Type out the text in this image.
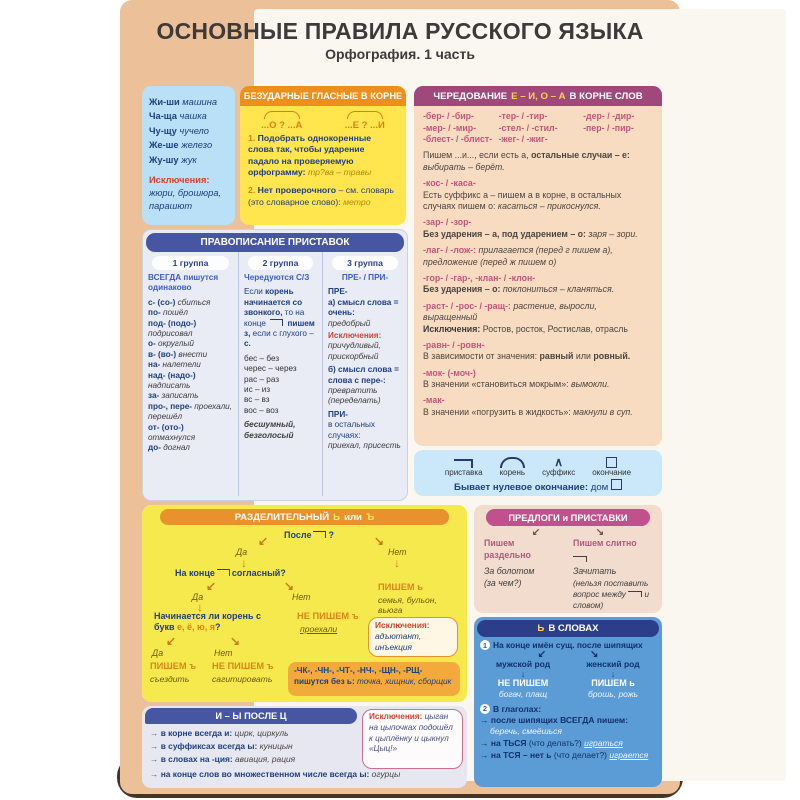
ОСНОВНЫЕ ПРАВИЛА РУССКОГО ЯЗЫКА
Орфография. 1 часть
Жи-ши машина
Ча-ща чашка
Чу-щу чучело
Же-ше железо
Жу-шу жук
Исключения:
жюри, брошюра, парашют
БЕЗУДАРНЫЕ ГЛАСНЫЕ В КОРНЕ
...О ? ...А	...Е ? ...И
1. Подобрать однокоренные слова так, чтобы ударение падало на проверяемую орфограмму: тр?ва – травы
2. Нет проверочного – см. словарь (это словарное слово): метро
ЧЕРЕДОВАНИЕ Е – И, О – А В КОРНЕ СЛОВ
-бер- / -бир-	-тер- / -тир-	-дер- / -дир-
-мер- / -мир-	-стел- / -стил-	-пер- / -пир-
-блест- / -блист- -жег- / -жиг-
Пишем ...и..., если есть а, остальные случаи – е: выбирать – берёт.
-кос- / -каса-
Есть суффикс а – пишем а в корне, в остальных случаях пишем о: касаться – прикоснулся.
-зар- / -зор-
Без ударения – а, под ударением – о: заря – зори.
-лаг- / -лож-: прилагается (перед г пишем а), предложение (перед ж пишем о)
-гор- / -гар-, -клан- / -клон-
Без ударения – о: поклониться – кланяться.
-раст- / -рос- / -ращ-: растение, выросли, выращенный
Исключения: Ростов, росток, Ростислав, отрасль
-равн- / -ровн-
В зависимости от значения: равный или ровный.
-мок- (-моч-)
В значении «становиться мокрым»: вымокли.
-мак-
В значении «погрузить в жидкость»: макнули в суп.
ПРАВОПИСАНИЕ ПРИСТАВОК
1 группа
ВСЕГДА пишутся одинаково
с- (со-) сбиться
по- пошёл
под- (подо-) подрисовал
о- округлый
в- (во-) внести
на- налетели
над- (надо-) надписать
за- записать
про-, пере- проехали, перешёл
от- (ото-) отмахнулся
до- догнал
2 группа
Чередуются С/З
Если корень начинается со звонкого, то на конце	пишем з, если с глухого – с.
бес – без
черес – через
рас – раз
ис – из
вс – вз
вос – воз
бесшумный,
безголосый
3 группа
ПРЕ- / ПРИ-
ПРЕ-
а) смысл слова = очень:
предобрый
Исключения:
причудливый,
прискорбный
б) смысл слова = слова с пере-:
превратить
(переделать)
ПРИ-
в остальных
случаях:
приехал, присесть
приставка корень
∧
суффикс окончание
Бывает нулевое окончание: дом
РАЗДЕЛИТЕЛЬНЫЙ Ь или Ъ
После ?
↙	↘
Да	Нет
↓	↓
На конце согласный?
↙	↘
Да	Нет
↓
Начинается ли корень с букв е, ё, ю, я?
↙	↘
Да	Нет
ПИШЕМ ъ
съездить
НЕ ПИШЕМ ъ
сагитировать
ПИШЕМ ь
семья, бульон,
вьюга
НЕ ПИШЕМ ъ
проехали	Исключения:
адъютант,
инъекция
-ЧК-, -ЧН-, -ЧТ-, -НЧ-, -ЩН-, -РЩ-
пишутся без ь: точка, хищник, сборщик
ПРЕДЛОГИ и ПРИСТАВКИ
↙	↘
Пишем раздельно
За болотом
(за чем?)
Пишем слитно
Зачитать
(нельзя поставить вопрос между и словом)
Ь В СЛОВАХ
1 На конце имён сущ. после шипящих
↙	↘
мужской род
↓
НЕ ПИШЕМ
богач, плащ
женский род
↓
ПИШЕМ ь
брошь, рожь
2 В глаголах:
→ после шипящих ВСЕГДА пишем:
беречь, смеёшься
→ на ТЬСЯ (что делать?) играться
→ на ТСЯ – нет ь (что делает?) играется
И – Ы ПОСЛЕ Ц
→ в корне всегда и: цирк, циркуль
→ в суффиксах всегда ы: куницын
→ в словах на -ция: авиация, рация
→ на конце слов во множественном числе всегда ы: огурцы
Исключения: цыган на цыпочках подошёл к цыплёнку и цыкнул «Цыц!»
